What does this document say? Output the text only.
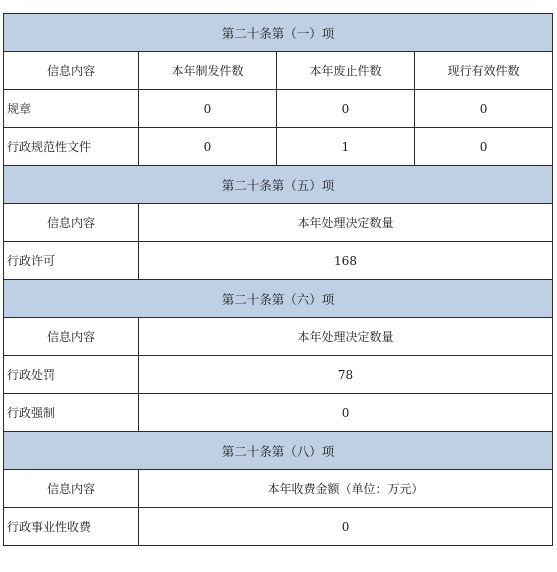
第二十条第（一）项			
信息内容	本年制发件数	本年废止件数	现行有效件数
规章	0	0	0
行政规范性文件	0	1	0
第二十条第（五）项			
信息内容	本年处理决定数量		
行政许可	168		
第二十条第（六）项			
信息内容	本年处理决定数量		
行政处罚	78		
行政强制	0		
第二十条第（八）项			
信息内容	本年收费金额（单位：万元）		
行政事业性收费	0		
